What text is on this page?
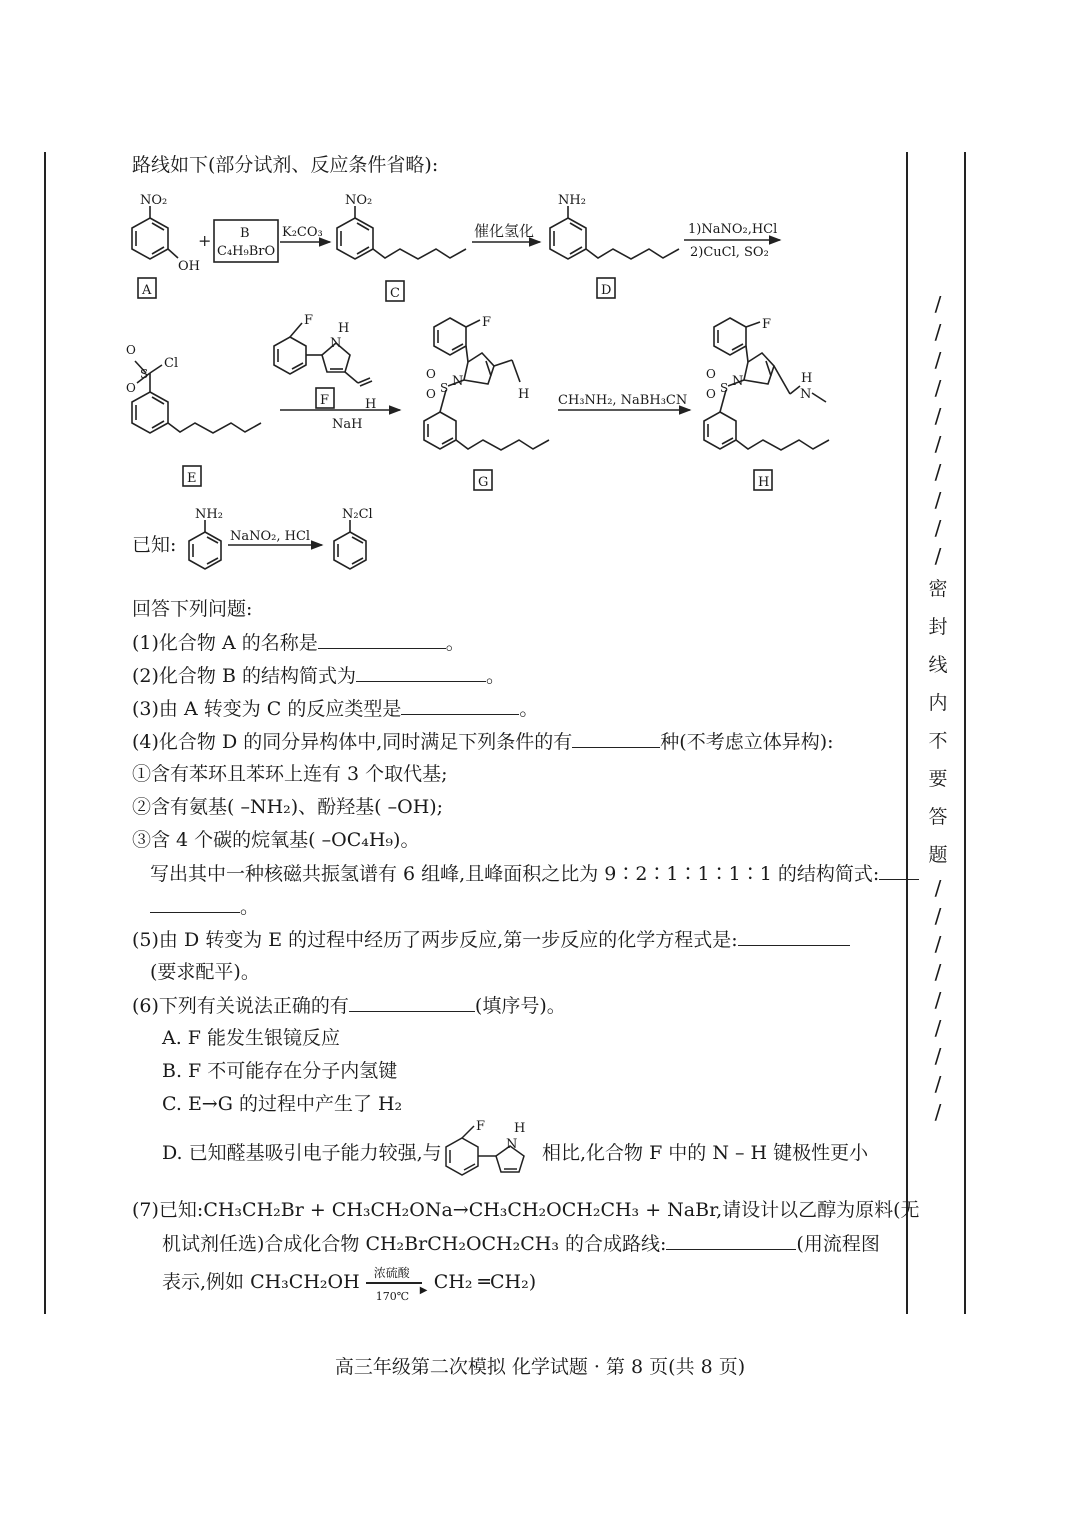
/
/
/
/
/
/
/
/
/
/
密
封
线
内
不
要
答
题
/
/
/
/
/
/
/
/
/
路线如下(部分试剂、反应条件省略):
NO₂
OH
+ B
C₄H₉BrO
K₂CO₃
NO₂
催化氢化
NH₂
1)NaNO₂,HCl
2)CuCl, SO₂
A	C	D
E
F
G	H
Cl
F
H
N
H
NaH
F
N
H CH₃NH₂, NaBH₃CN
F
N
N
H
NH₂
NaNO₂, HCl
N₂Cl
O
O
S	O
O S
O
O S
已知:
回答下列问题:
(1)化合物 A 的名称是	。
(2)化合物 B 的结构简式为	。
(3)由 A 转变为 C 的反应类型是	。
(4)化合物 D 的同分异构体中,同时满足下列条件的有	种(不考虑立体异构):
①含有苯环且苯环上连有 3 个取代基;
②含有氨基( –NH₂)、酚羟基( –OH);
③含 4 个碳的烷氧基( –OC₄H₉)。
写出其中一种核磁共振氢谱有 6 组峰,且峰面积之比为 9∶2∶1∶1∶1∶1 的结构简式:
。
(5)由 D 转变为 E 的过程中经历了两步反应,第一步反应的化学方程式是:
(要求配平)。
(6)下列有关说法正确的有	(填序号)。
A. F 能发生银镜反应
B. F 不可能存在分子内氢键
C. E→G 的过程中产生了 H₂
D. 已知醛基吸引电子能力较强,与
F H
N 相比,化合物 F 中的 N – H 键极性更小
(7)已知:CH₃CH₂Br + CH₃CH₂ONa→CH₃CH₂OCH₂CH₃ + NaBr,请设计以乙醇为原料(无
机试剂任选)合成化合物 CH₂BrCH₂OCH₂CH₃ 的合成路线:	(用流程图
表示,例如 CH₃CH₂OH 浓硫酸
▶
170℃
CH₂ ═CH₂)
高三年级第二次模拟 化学试题 · 第 8 页(共 8 页)
